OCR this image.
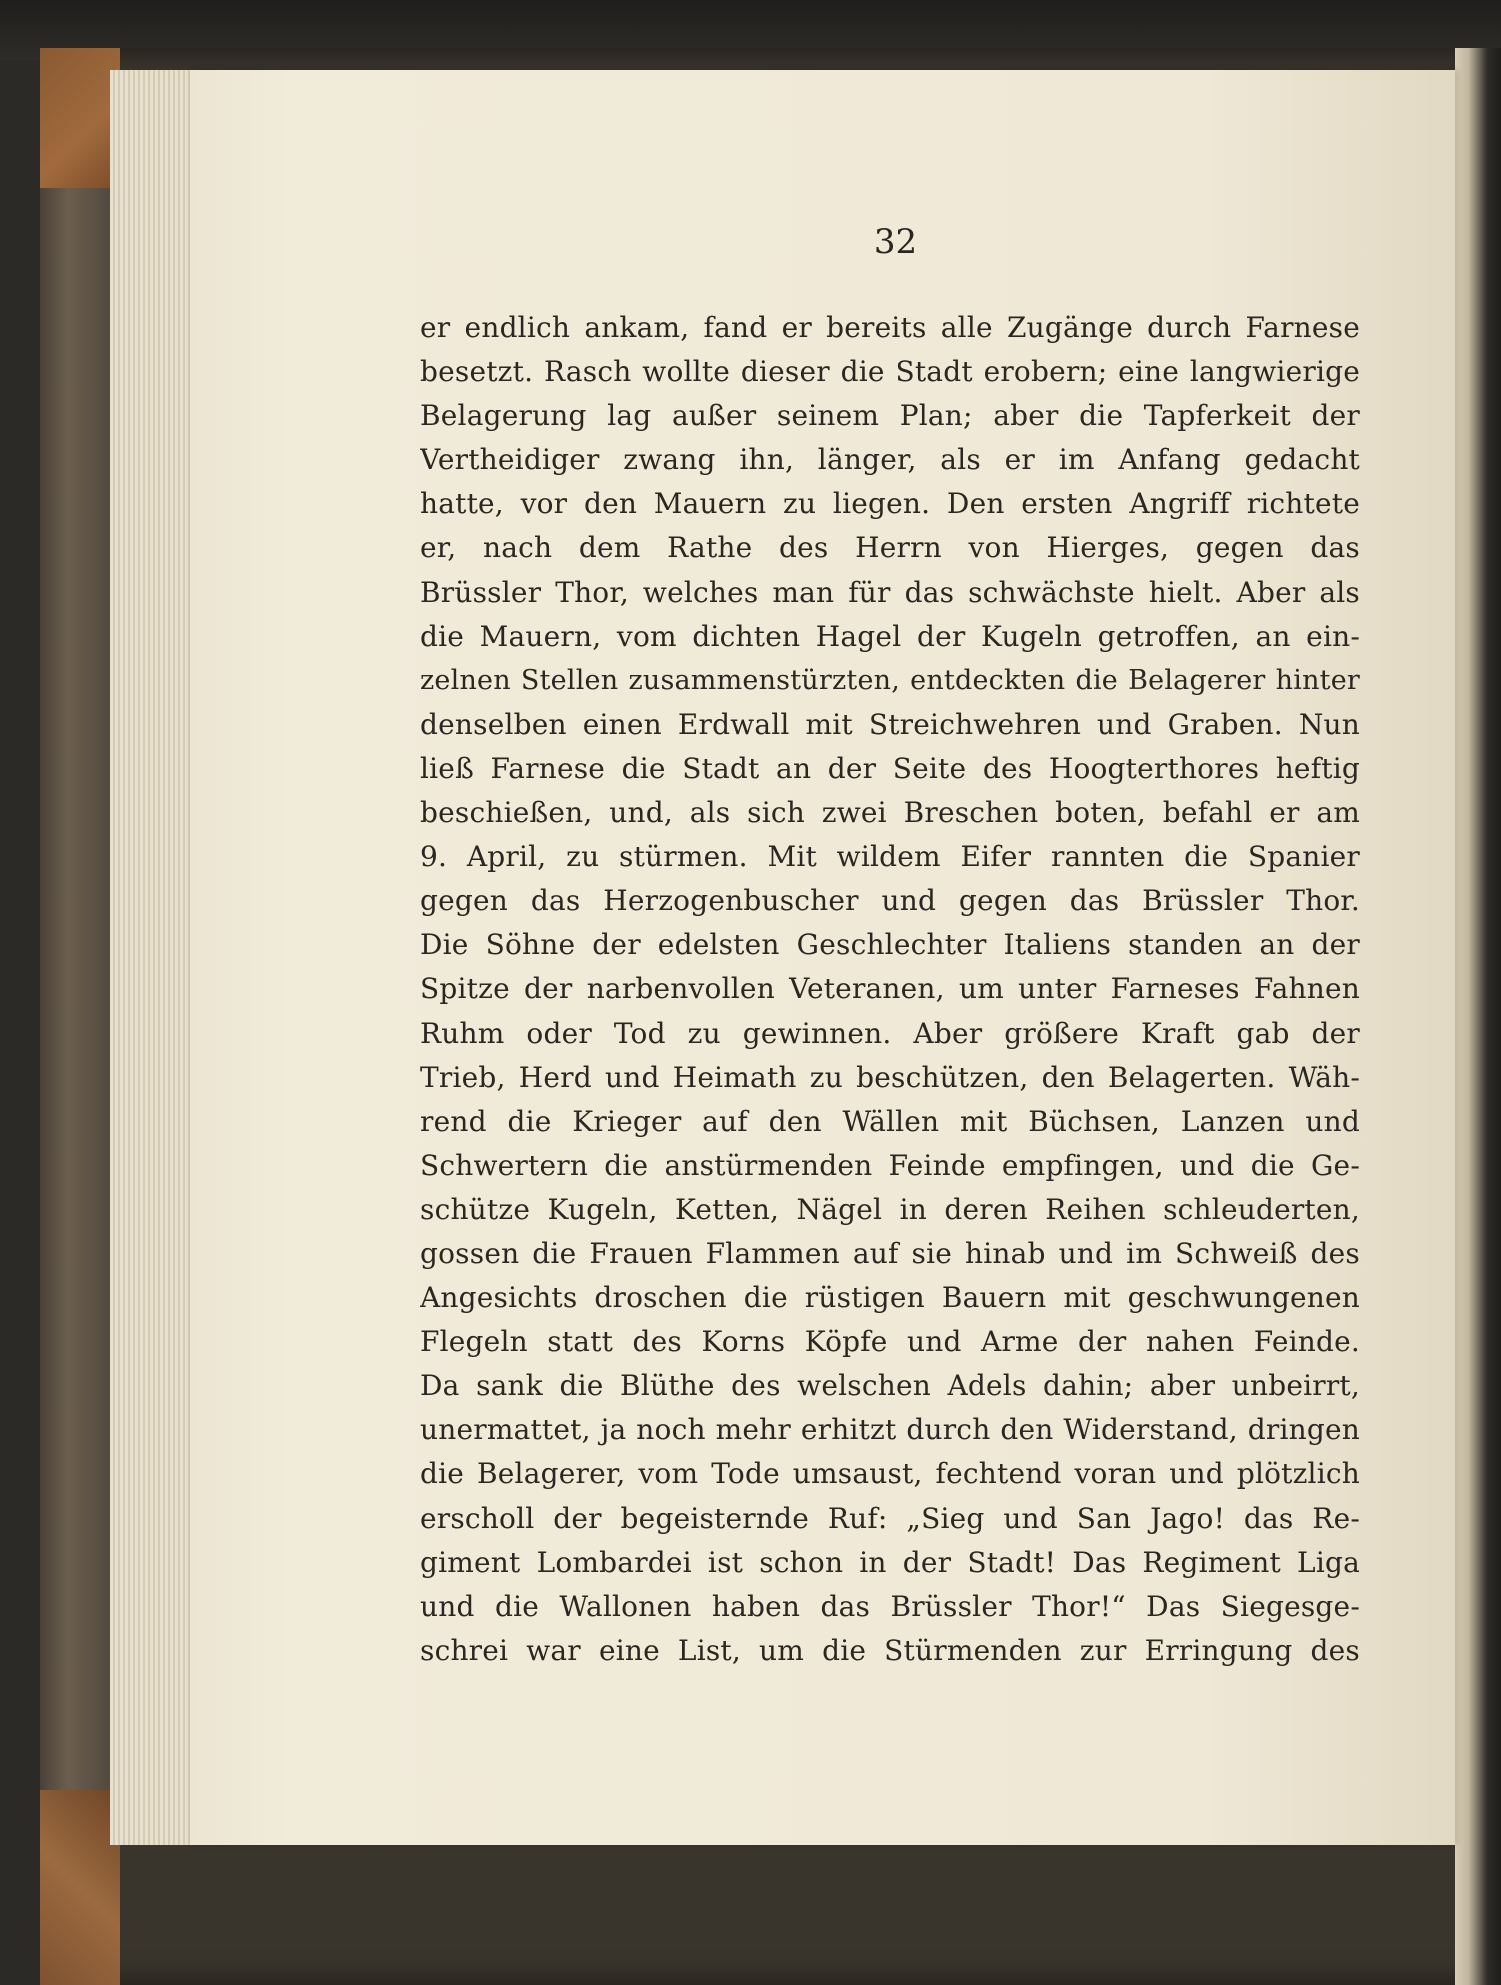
32
er endlich ankam, fand er bereits alle Zugänge durch Farnese
besetzt. Rasch wollte dieser die Stadt erobern; eine langwierige
Belagerung lag außer seinem Plan; aber die Tapferkeit der
Vertheidiger zwang ihn, länger, als er im Anfang gedacht
hatte, vor den Mauern zu liegen. Den ersten Angriff richtete
er, nach dem Rathe des Herrn von Hierges, gegen das
Brüssler Thor, welches man für das schwächste hielt. Aber als
die Mauern, vom dichten Hagel der Kugeln getroffen, an ein-
zelnen Stellen zusammenstürzten, entdeckten die Belagerer hinter
denselben einen Erdwall mit Streichwehren und Graben. Nun
ließ Farnese die Stadt an der Seite des Hoogterthores heftig
beschießen, und, als sich zwei Breschen boten, befahl er am
9. April, zu stürmen. Mit wildem Eifer rannten die Spanier
gegen das Herzogenbuscher und gegen das Brüssler Thor.
Die Söhne der edelsten Geschlechter Italiens standen an der
Spitze der narbenvollen Veteranen, um unter Farneses Fahnen
Ruhm oder Tod zu gewinnen. Aber größere Kraft gab der
Trieb, Herd und Heimath zu beschützen, den Belagerten. Wäh-
rend die Krieger auf den Wällen mit Büchsen, Lanzen und
Schwertern die anstürmenden Feinde empfingen, und die Ge-
schütze Kugeln, Ketten, Nägel in deren Reihen schleuderten,
gossen die Frauen Flammen auf sie hinab und im Schweiß des
Angesichts droschen die rüstigen Bauern mit geschwungenen
Flegeln statt des Korns Köpfe und Arme der nahen Feinde.
Da sank die Blüthe des welschen Adels dahin; aber unbeirrt,
unermattet, ja noch mehr erhitzt durch den Widerstand, dringen
die Belagerer, vom Tode umsaust, fechtend voran und plötzlich
erscholl der begeisternde Ruf: „Sieg und San Jago! das Re-
giment Lombardei ist schon in der Stadt! Das Regiment Liga
und die Wallonen haben das Brüssler Thor!“ Das Siegesge-
schrei war eine List, um die Stürmenden zur Erringung des
